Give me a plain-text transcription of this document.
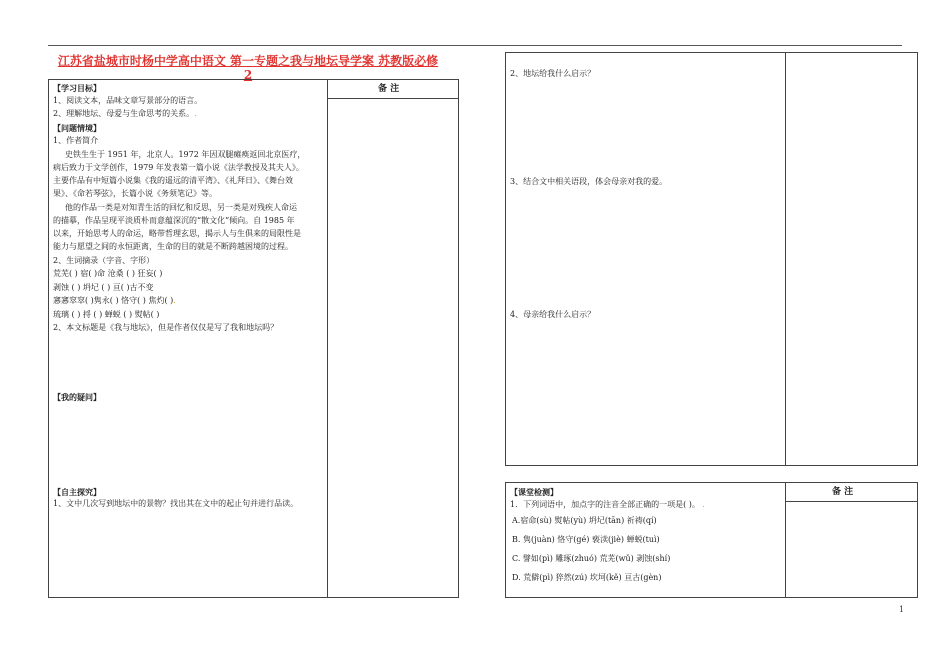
江苏省盐城市时杨中学高中语文 第一专题之我与地坛导学案 苏教版必修
2
备 注
【学习目标】
1、阅读文本，品味文章写景部分的语言。
2、理解地坛、母爱与生命思考的关系。.
【问题情境】
1、作者简介
史铁生生于 1951 年，北京人。1972 年因双腿瘫痪返回北京医疗，
病后致力于文学创作，1979 年发表第一篇小说《法学教授及其夫人》。
主要作品有中短篇小说集《我的遥远的清平湾》、《礼拜日》、《舞台效
果》、《命若琴弦》，长篇小说《务须笔记》等。
他的作品一类是对知青生活的回忆和反思，另一类是对残疾人命运
的描摹，作品呈现平淡质朴而意蕴深沉的“散文化”倾向。自 1985 年
以来，开始思考人的命运，略带哲理玄思，揭示人与生俱来的局限性是
能力与愿望之间的永恒距离，生命的目的就是不断跨越困境的过程。
2、生词摘录（字音、字形）
荒芜( ) 宿( )命 沧桑 ( ) 狂妄( )
剥蚀 ( ) 坍圮 ( ) 亘( )古不变
窸窸窣窣( )隽永( ) 恪守( ) 焦灼( ).
琉璃 ( ) 捋 ( ) 蝉蜕 ( ) 熨帖( )
2、本文标题是《我与地坛》，但是作者仅仅是写了我和地坛吗？
【我的疑问】
【自主探究】
1、文中几次写到地坛中的景物？找出其在文中的起止句并进行品读。
2、地坛给我什么启示？
3、结合文中相关语段，体会母亲对我的爱。
4、母亲给我什么启示？
备 注
【课堂检测】
1．下列词语中，加点字的注音全部正确的一项是( )。 .
A.宿命(sù) 熨帖(yù) 坍圮(tān) 祈祷(qí)
B. 隽(juàn) 恪守(gé) 亵渎(jiè) 蝉蜕(tuì)
C. 譬如(pì) 雕琢(zhuó) 荒芜(wǔ) 剥蚀(shí)
D. 荒僻(pì) 猝然(zú) 坎坷(kě) 亘古(gèn)
1
